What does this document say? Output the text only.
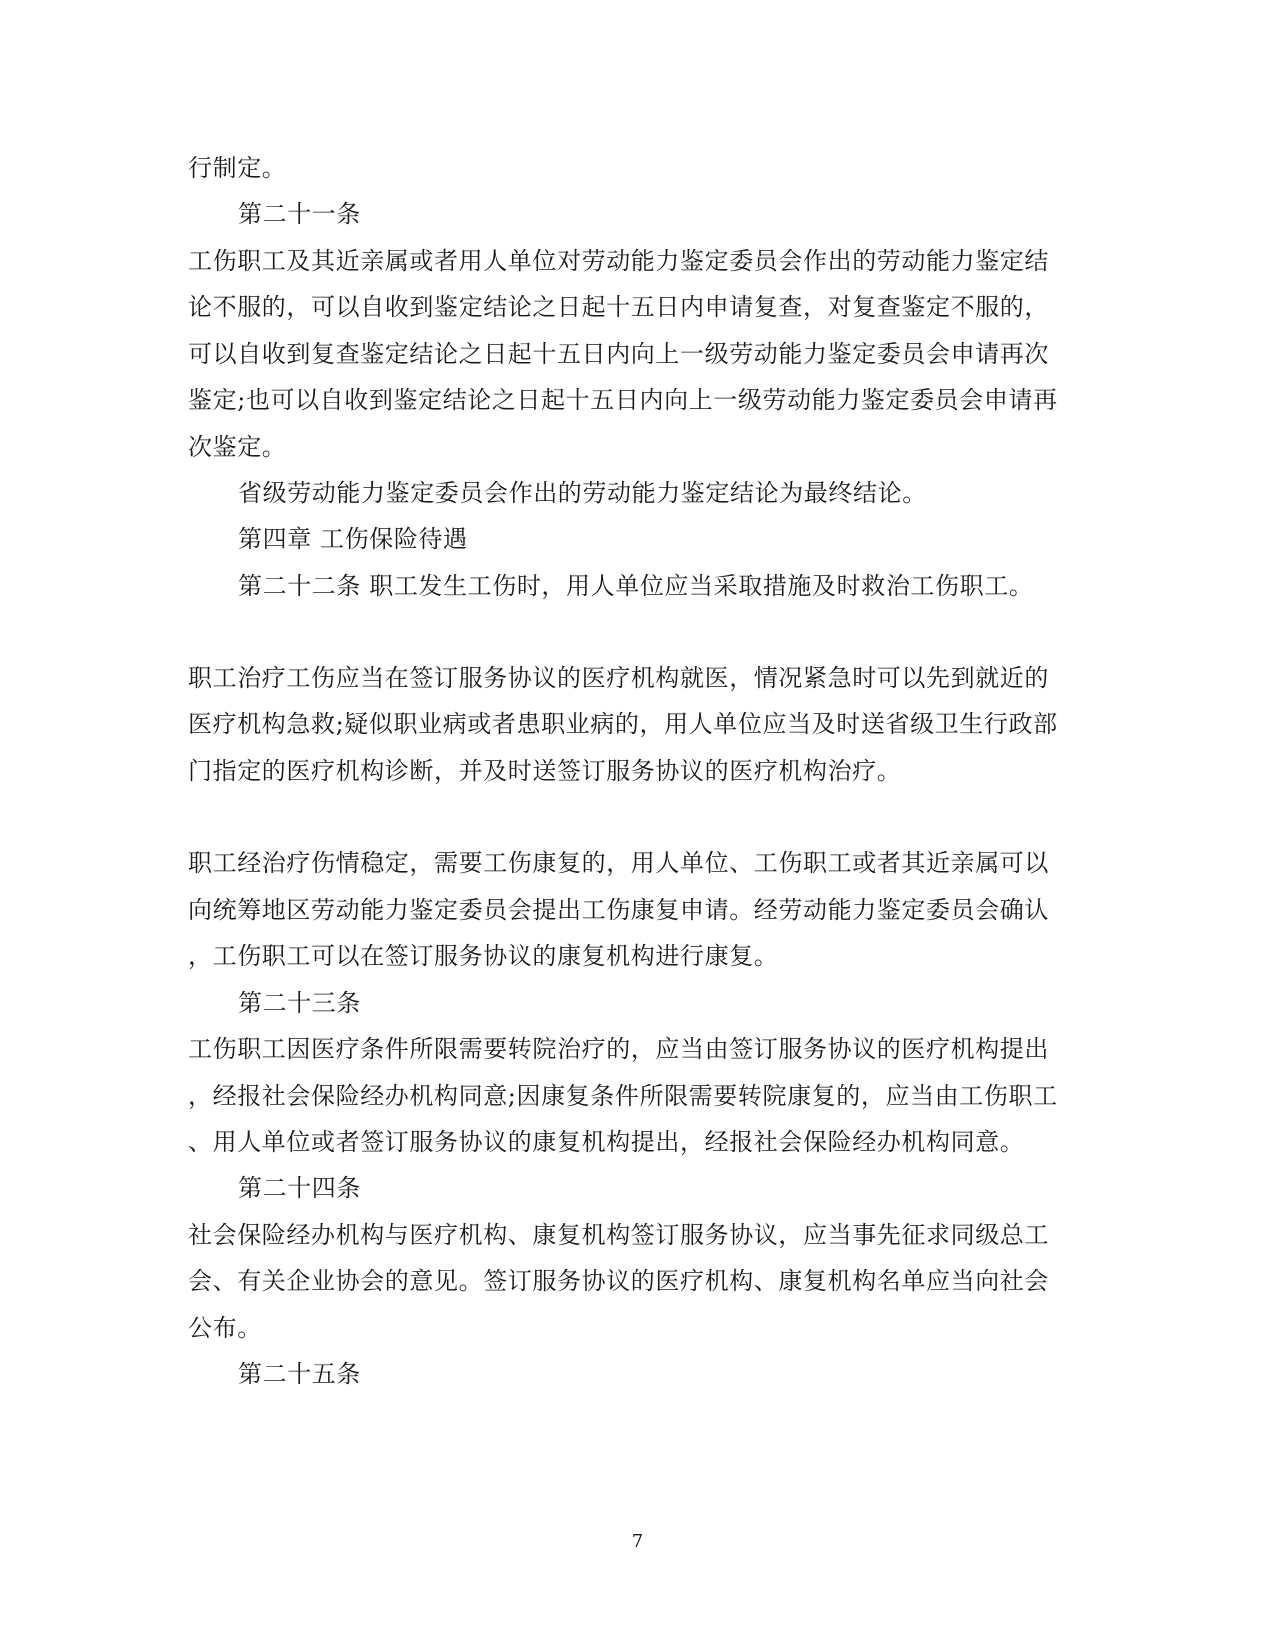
行制定。
第二十一条
工伤职工及其近亲属或者用人单位对劳动能力鉴定委员会作出的劳动能力鉴定结
论不服的，可以自收到鉴定结论之日起十五日内申请复查，对复查鉴定不服的，
可以自收到复查鉴定结论之日起十五日内向上一级劳动能力鉴定委员会申请再次
鉴定;也可以自收到鉴定结论之日起十五日内向上一级劳动能力鉴定委员会申请再
次鉴定。
省级劳动能力鉴定委员会作出的劳动能力鉴定结论为最终结论。
第四章 工伤保险待遇
第二十二条 职工发生工伤时，用人单位应当采取措施及时救治工伤职工。
职工治疗工伤应当在签订服务协议的医疗机构就医，情况紧急时可以先到就近的
医疗机构急救;疑似职业病或者患职业病的，用人单位应当及时送省级卫生行政部
门指定的医疗机构诊断，并及时送签订服务协议的医疗机构治疗。
职工经治疗伤情稳定，需要工伤康复的，用人单位、工伤职工或者其近亲属可以
向统筹地区劳动能力鉴定委员会提出工伤康复申请。经劳动能力鉴定委员会确认
，工伤职工可以在签订服务协议的康复机构进行康复。
第二十三条
工伤职工因医疗条件所限需要转院治疗的，应当由签订服务协议的医疗机构提出
，经报社会保险经办机构同意;因康复条件所限需要转院康复的，应当由工伤职工
、用人单位或者签订服务协议的康复机构提出，经报社会保险经办机构同意。
第二十四条
社会保险经办机构与医疗机构、康复机构签订服务协议，应当事先征求同级总工
会、有关企业协会的意见。签订服务协议的医疗机构、康复机构名单应当向社会
公布。
第二十五条
7
